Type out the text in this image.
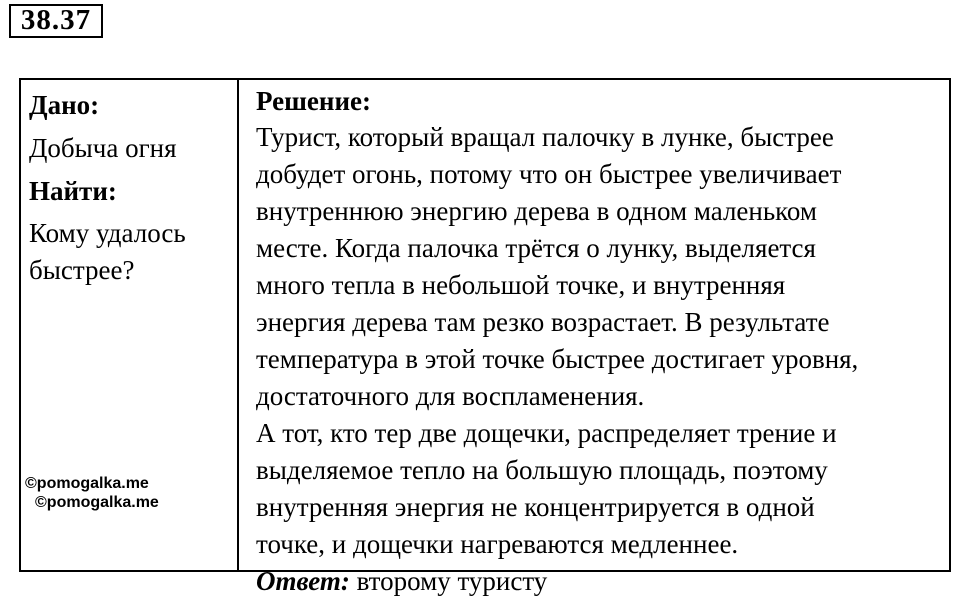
38.37
Дано:
Добыча огня
Найти:
Кому удалось
быстрее?
©pomogalka.me
©pomogalka.me
Решение:

Турист, который вращал палочку в лунке, быстрее

добудет огонь, потому что он быстрее увеличивает

внутреннюю энергию дерева в одном маленьком

месте. Когда палочка трётся о лунку, выделяется

много тепла в небольшой точке, и внутренняя

энергия дерева там резко возрастает. В результате

температура в этой точке быстрее достигает уровня,

достаточного для воспламенения.

А тот, кто тер две дощечки, распределяет трение и

выделяемое тепло на большую площадь, поэтому

внутренняя энергия не концентрируется в одной

точке, и дощечки нагреваются медленнее.

Ответ: второму туристу
